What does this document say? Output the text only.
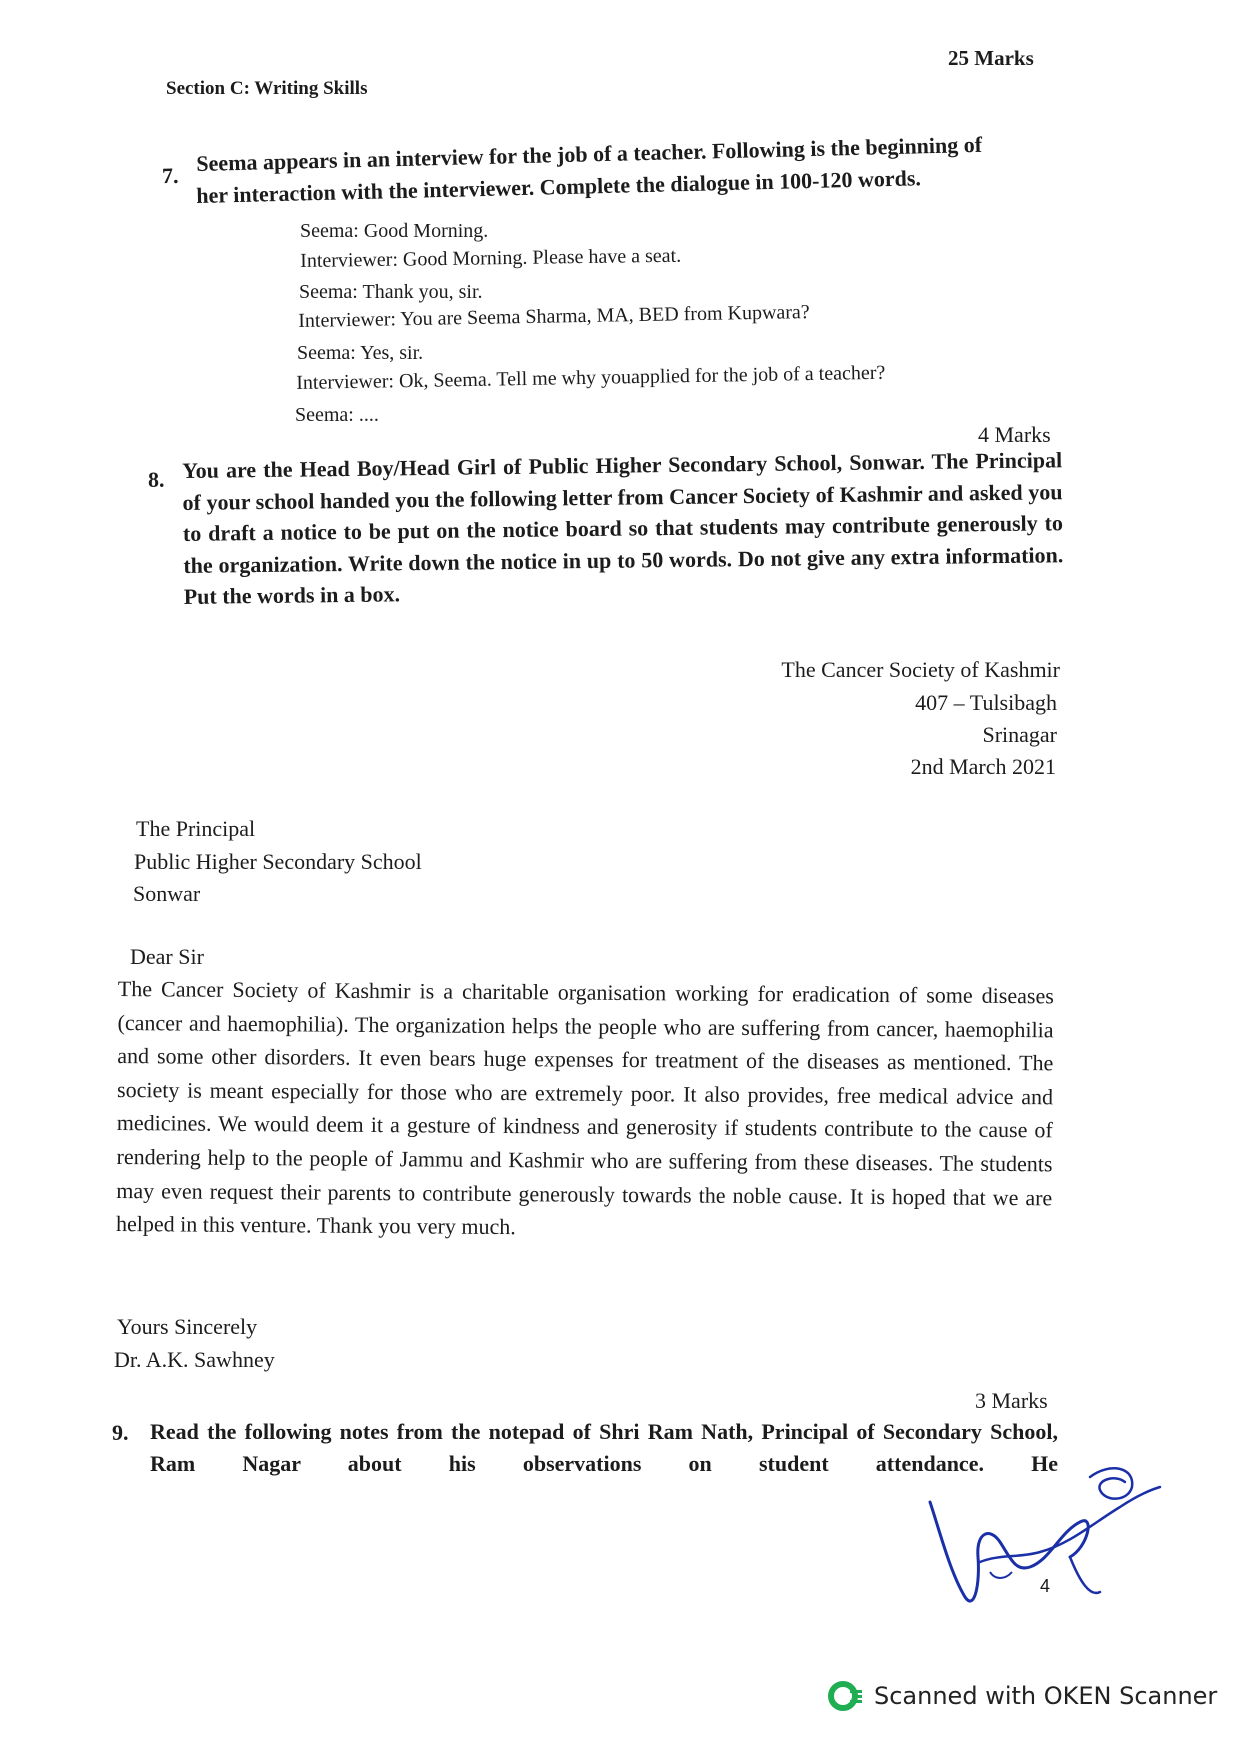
25 Marks
Section C: Writing Skills
7. Seema appears in an interview for the job of a teacher. Following is the beginning of
her interaction with the interviewer. Complete the dialogue in 100-120 words.
Seema: Good Morning.
Interviewer: Good Morning. Please have a seat.
Seema: Thank you, sir.
Interviewer: You are Seema Sharma, MA, BED from Kupwara?
Seema: Yes, sir.
Interviewer: Ok, Seema. Tell me why youapplied for the job of a teacher?
Seema: ....
4 Marks
8. You are the Head Boy/Head Girl of Public Higher Secondary School, Sonwar. The Principal of your school handed you the following letter from Cancer Society of Kashmir and asked you to draft a notice to be put on the notice board so that students may contribute generously to the organization. Write down the notice in up to 50 words. Do not give any extra information. Put the words in a box.
The Cancer Society of Kashmir
407 – Tulsibagh
Srinagar
2nd March 2021
The Principal
Public Higher Secondary School
Sonwar
Dear Sir
The Cancer Society of Kashmir is a charitable organisation working for eradication of some diseases (cancer and haemophilia). The organization helps the people who are suffering from cancer, haemophilia and some other disorders. It even bears huge expenses for treatment of the diseases as mentioned. The society is meant especially for those who are extremely poor. It also provides, free medical advice and medicines. We would deem it a gesture of kindness and generosity if students contribute to the cause of rendering help to the people of Jammu and Kashmir who are suffering from these diseases. The students may even request their parents to contribute generously towards the noble cause. It is hoped that we are helped in this venture. Thank you very much.
Yours Sincerely
Dr. A.K. Sawhney
3 Marks
9. Read the following notes from the notepad of Shri Ram Nath, Principal of Secondary School, Ram Nagar about his observations on student attendance. He
4
Scanned with OKEN Scanner
